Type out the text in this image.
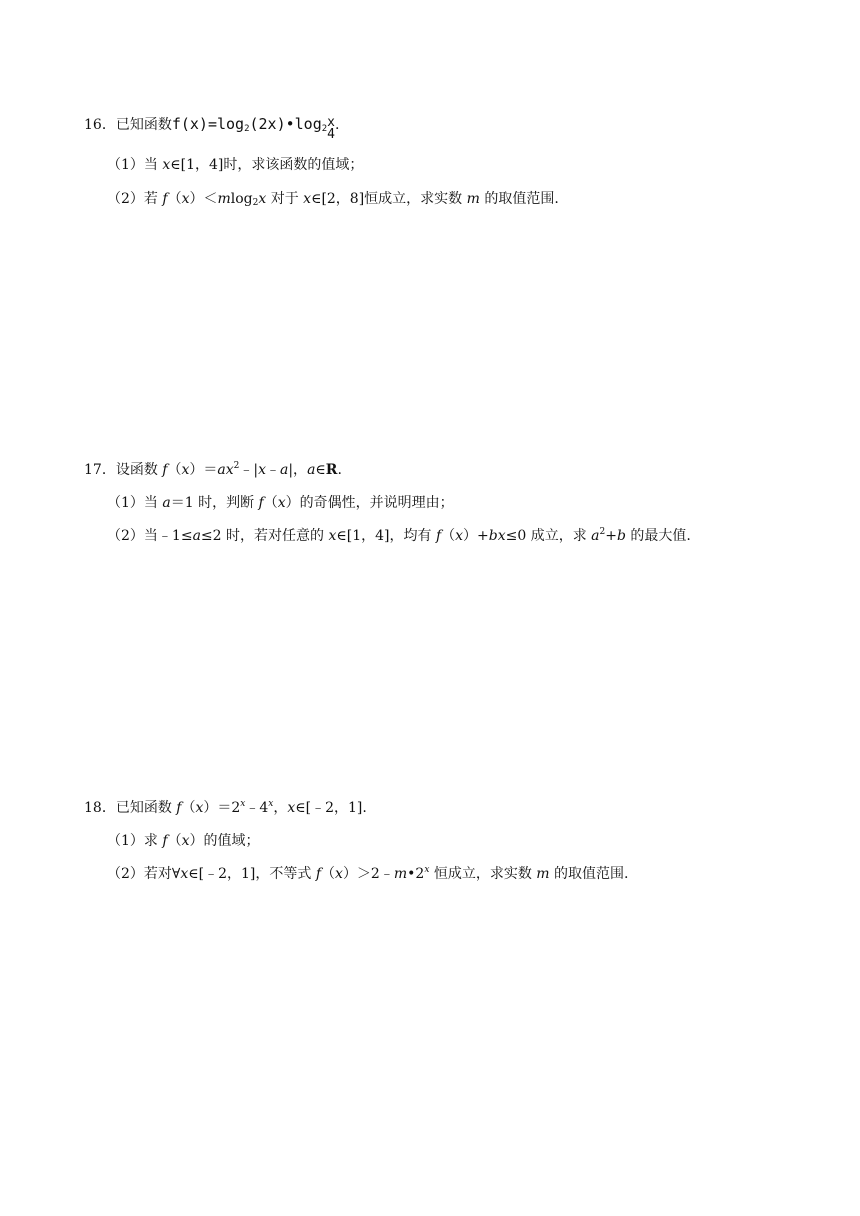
16．已知函数$f(x)=\log_2(2x)•\log_2$ x
4
.
（1）当 x∈[1，4]时，求该函数的值域；
（2）若 f（x）＜mlog$_2$x 对于 x∈[2，8]恒成立，求实数 m 的取值范围.
17．设函数 $f(x)=ax^2﹣|x﹣a|$，a∈R.
（1）当 a＝1 时，判断 f（x）的奇偶性，并说明理由；
（2）当﹣1≤a≤2 时，若对任意的 x∈[1，4]，均有 f（x）+bx≤0 成立，求 $a^2+b$ 的最大值.
18．已知函数 $f(x)=2^x﹣4^x$，x∈[﹣2，1].
（1）求 f（x）的值域；
（2）若对∀x∈[﹣2，1]，不等式 $f(x)>2﹣m•2^x$ 恒成立，求实数 m 的取值范围.
